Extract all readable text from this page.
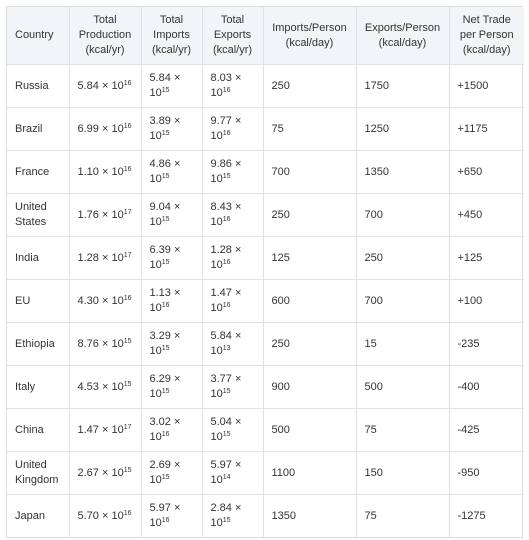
Country	Total
Production
(kcal/yr)	Total
Imports
(kcal/yr)	Total
Exports
(kcal/yr)	Imports/Person
(kcal/day)	Exports/Person
(kcal/day)	Net Trade
per Person
(kcal/day)
Russia	$5.84 \times 10^{16}$	5.84 ×
$10^{15}$	8.03 ×
$10^{16}$	250	1750	+1500
Brazil	$6.99 \times 10^{16}$	3.89 ×
$10^{15}$	9.77 ×
$10^{16}$	75	1250	+1175
France	$1.10 \times 10^{16}$	4.86 ×
$10^{15}$	9.86 ×
$10^{15}$	700	1350	+650
United States	$1.76 \times 10^{17}$	9.04 ×
$10^{15}$	8.43 ×
$10^{16}$	250	700	+450
India	$1.28 \times 10^{17}$	6.39 ×
$10^{15}$	1.28 ×
$10^{16}$	125	250	+125
EU	$4.30 \times 10^{16}$	1.13 ×
$10^{16}$	1.47 ×
$10^{16}$	600	700	+100
Ethiopia	$8.76 \times 10^{15}$	3.29 ×
$10^{15}$	5.84 ×
$10^{13}$	250	15	-235
Italy	$4.53 \times 10^{15}$	6.29 ×
$10^{15}$	3.77 ×
$10^{15}$	900	500	-400
China	$1.47 \times 10^{17}$	3.02 ×
$10^{16}$	5.04 ×
$10^{15}$	500	75	-425
United Kingdom	$2.67 \times 10^{15}$	2.69 ×
$10^{15}$	5.97 ×
$10^{14}$	1100	150	-950
Japan	$5.70 \times 10^{16}$	5.97 ×
$10^{16}$	2.84 ×
$10^{15}$	1350	75	-1275
